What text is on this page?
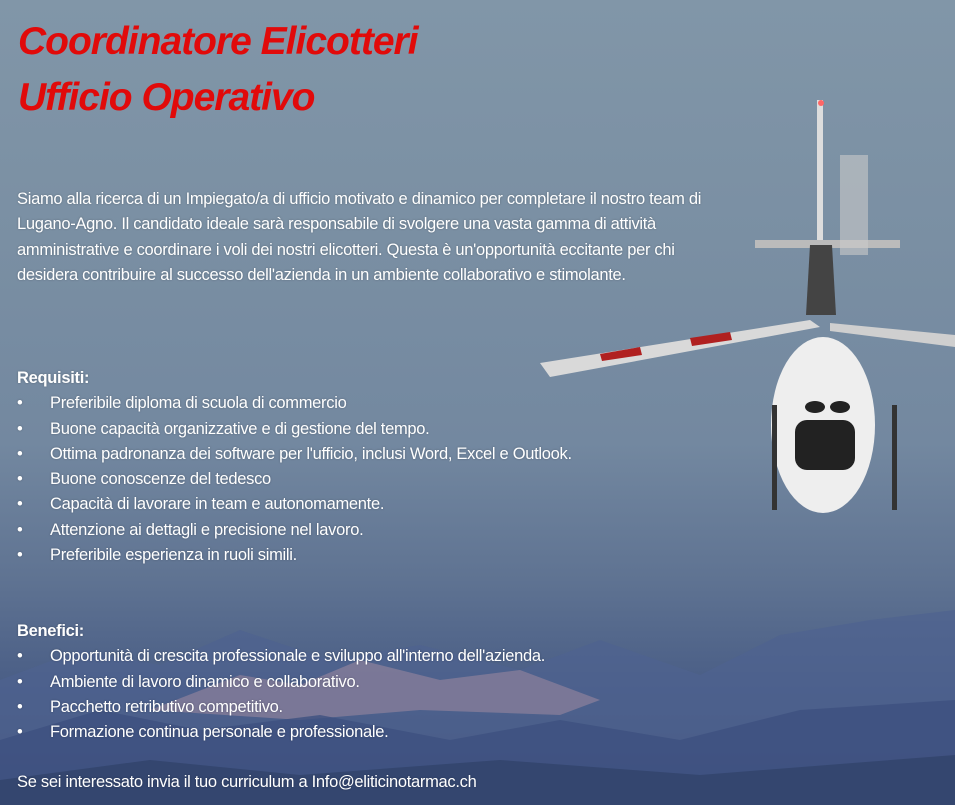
Coordinatore Elicotteri
Ufficio Operativo

Siamo alla ricerca di un Impiegato/a di ufficio motivato e dinamico per completare il nostro team di Lugano-Agno. Il candidato ideale sarà responsabile di svolgere una vasta gamma di attività amministrative e coordinare i voli dei nostri elicotteri. Questa è un'opportunità eccitante per chi desidera contribuire al successo dell'azienda in un ambiente collaborativo e stimolante.

Requisiti:
• Preferibile diploma di scuola di commercio
• Buone capacità organizzative e di gestione del tempo.
• Ottima padronanza dei software per l'ufficio, inclusi Word, Excel e Outlook.
• Buone conoscenze del tedesco
• Capacità di lavorare in team e autonomamente.
• Attenzione ai dettagli e precisione nel lavoro.
• Preferibile esperienza in ruoli simili.
Benefici:
• Opportunità di crescita professionale e sviluppo all'interno dell'azienda.
• Ambiente di lavoro dinamico e collaborativo.
• Pacchetto retributivo competitivo.
• Formazione continua personale e professionale.
Se sei interessato invia il tuo curriculum a Info@eliticinotarmac.ch
